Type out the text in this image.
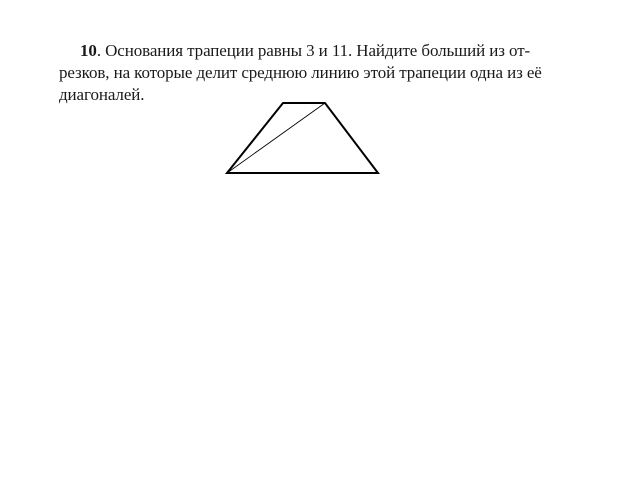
10. Основания трапеции равны 3 и 11. Найдите больший из от-
резков, на которые делит среднюю линию этой трапеции одна из её
диагоналей.
